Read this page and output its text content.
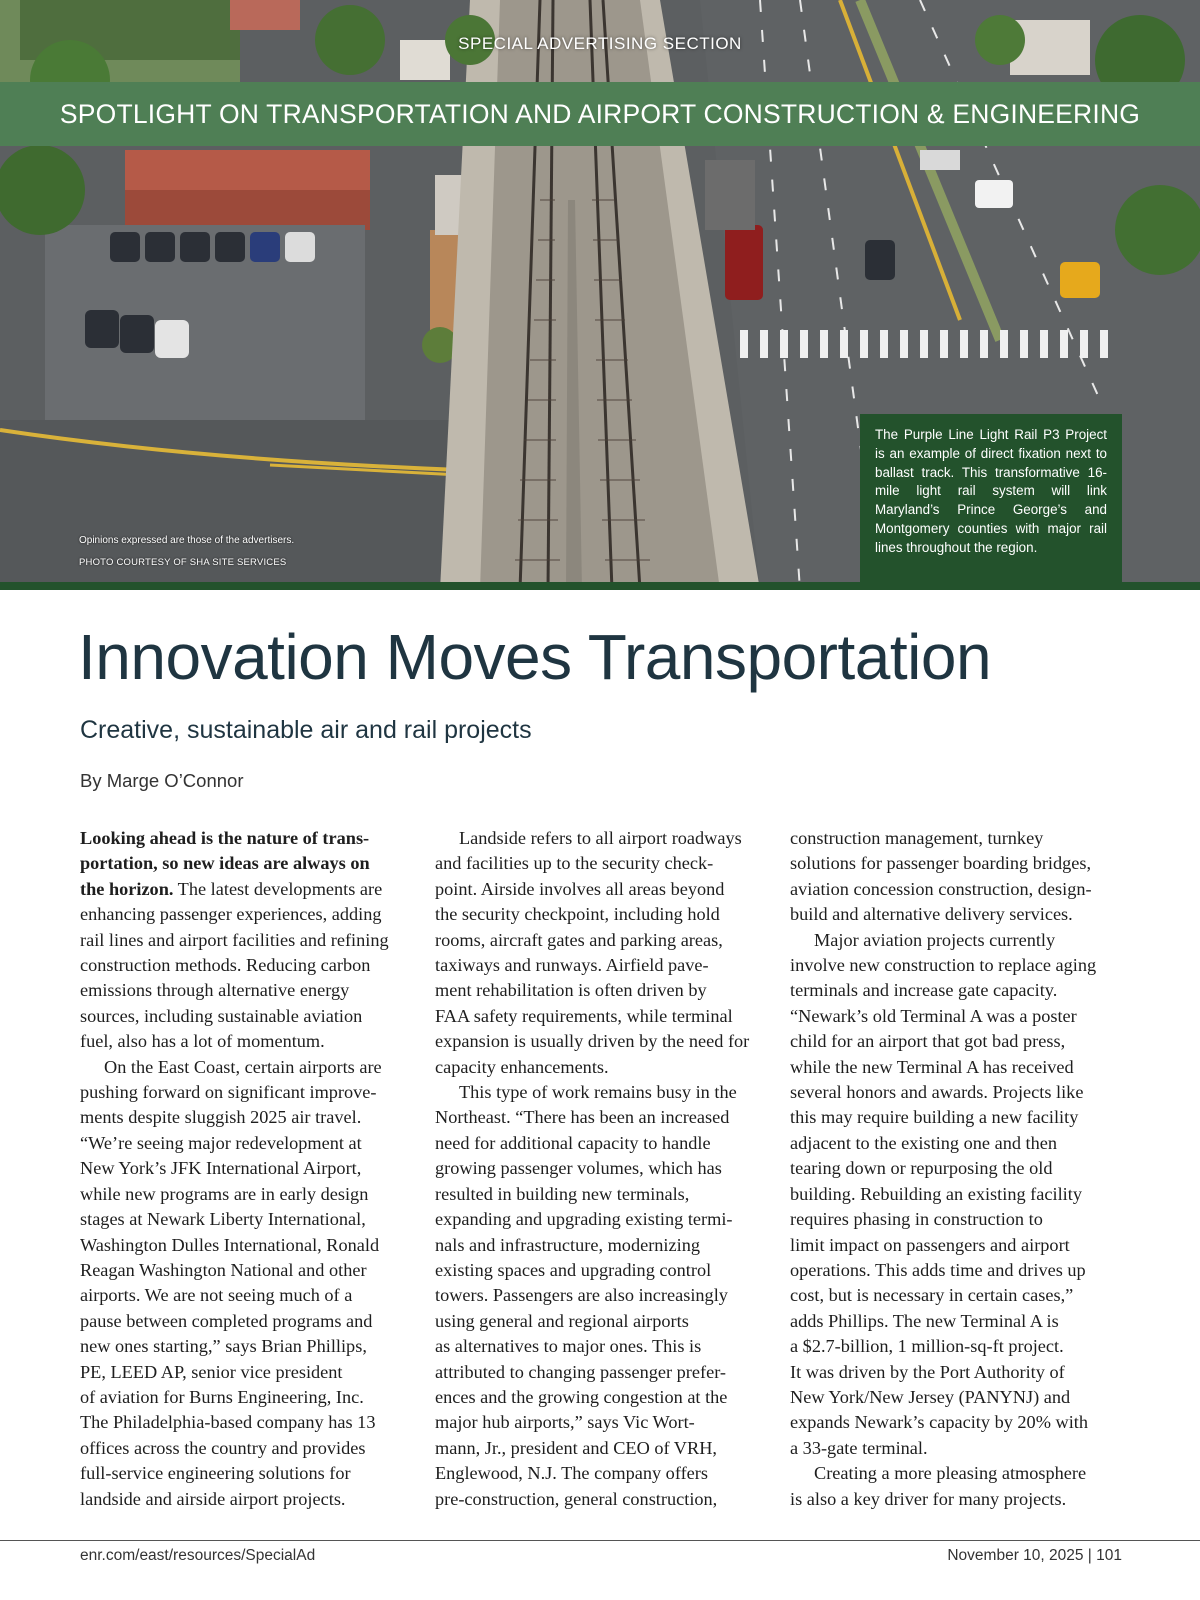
SPECIAL ADVERTISING SECTION
SPOTLIGHT ON TRANSPORTATION AND AIRPORT CONSTRUCTION & ENGINEERING
Opinions expressed are those of the advertisers.
PHOTO COURTESY OF SHA SITE SERVICES

The Purple Line Light Rail P3 Project is an example of direct fixation next to ballast track. This transformative 16-mile light rail system will link Maryland’s Prince George’s and Montgomery counties with major rail lines throughout the region.

Innovation Moves Transportation
Creative, sustainable air and rail projects
By Marge O’Connor

Looking ahead is the nature of trans-

portation, so new ideas are always on

the horizon. The latest developments are

enhancing passenger experiences, adding

rail lines and airport facilities and refining

construction methods. Reducing carbon

emissions through alternative energy

sources, including sustainable aviation

fuel, also has a lot of momentum.

On the East Coast, certain airports are

pushing forward on significant improve-

ments despite sluggish 2025 air travel.

“We’re seeing major redevelopment at

New York’s JFK International Airport,

while new programs are in early design

stages at Newark Liberty International,

Washington Dulles International, Ronald

Reagan Washington National and other

airports. We are not seeing much of a

pause between completed programs and

new ones starting,” says Brian Phillips,

PE, LEED AP, senior vice president

of aviation for Burns Engineering, Inc.

The Philadelphia-based company has 13

offices across the country and provides

full-service engineering solutions for

landside and airside airport projects.

Landside refers to all airport roadways

and facilities up to the security check-

point. Airside involves all areas beyond

the security checkpoint, including hold

rooms, aircraft gates and parking areas,

taxiways and runways. Airfield pave-

ment rehabilitation is often driven by

FAA safety requirements, while terminal

expansion is usually driven by the need for

capacity enhancements.

This type of work remains busy in the

Northeast. “There has been an increased

need for additional capacity to handle

growing passenger volumes, which has

resulted in building new terminals,

expanding and upgrading existing termi-

nals and infrastructure, modernizing

existing spaces and upgrading control

towers. Passengers are also increasingly

using general and regional airports

as alternatives to major ones. This is

attributed to changing passenger prefer-

ences and the growing congestion at the

major hub airports,” says Vic Wort-

mann, Jr., president and CEO of VRH,

Englewood, N.J. The company offers

pre-construction, general construction,

construction management, turnkey

solutions for passenger boarding bridges,

aviation concession construction, design-

build and alternative delivery services.

Major aviation projects currently

involve new construction to replace aging

terminals and increase gate capacity.

“Newark’s old Terminal A was a poster

child for an airport that got bad press,

while the new Terminal A has received

several honors and awards. Projects like

this may require building a new facility

adjacent to the existing one and then

tearing down or repurposing the old

building. Rebuilding an existing facility

requires phasing in construction to

limit impact on passengers and airport

operations. This adds time and drives up

cost, but is necessary in certain cases,”

adds Phillips. The new Terminal A is

a $2.7-billion, 1 million-sq-ft project.

It was driven by the Port Authority of

New York/New Jersey (PANYNJ) and

expands Newark’s capacity by 20% with

a 33-gate terminal.

Creating a more pleasing atmosphere

is also a key driver for many projects.

enr.com/east/resources/SpecialAd	November 10, 2025 | 101
